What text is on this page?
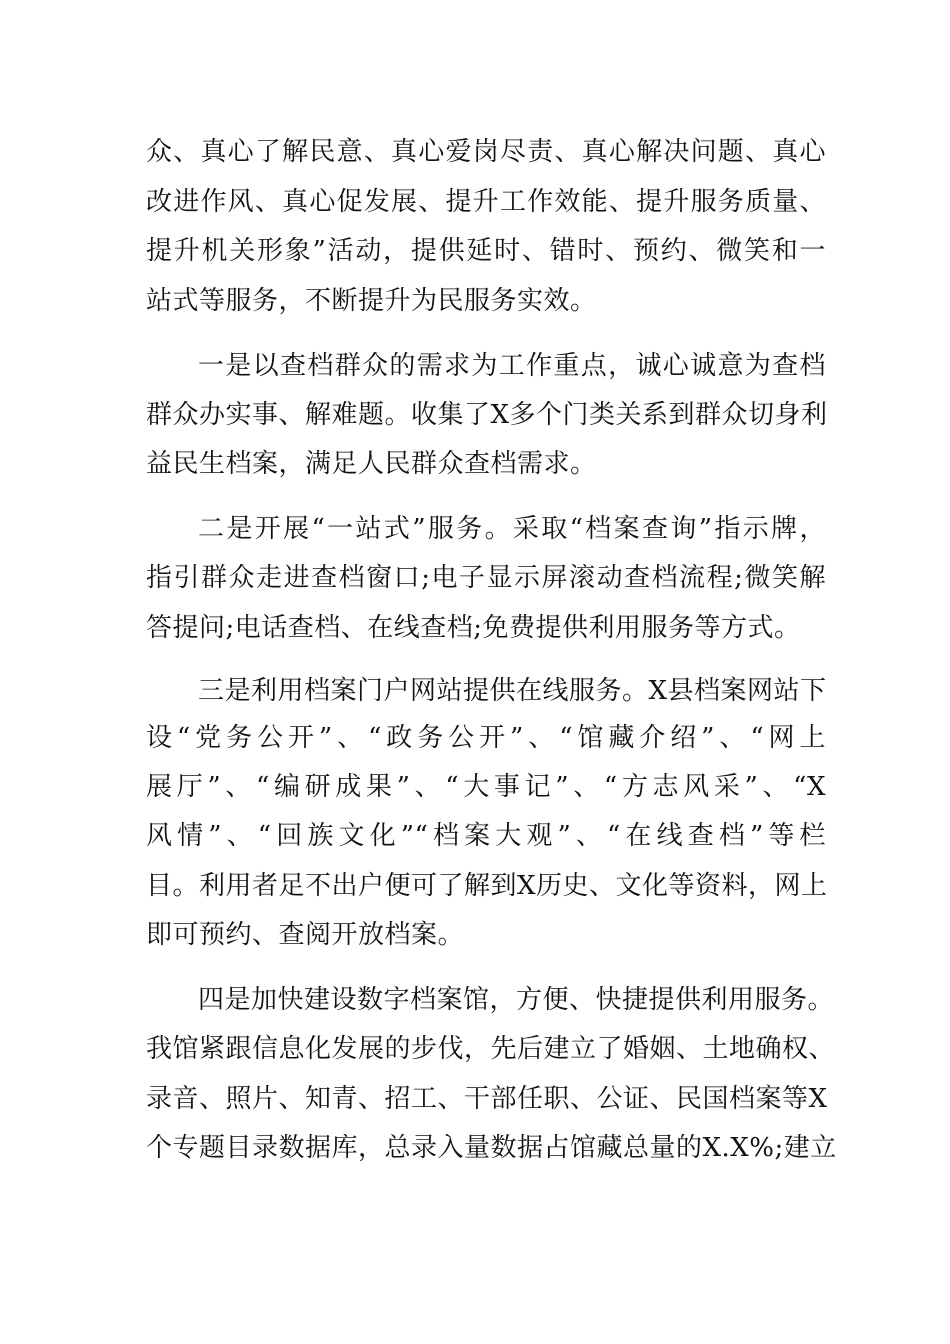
众、真心了解民意、真心爱岗尽责、真心解决问题、真心
改进作风、真心促发展、提升工作效能、提升服务质量、
提升机关形象”活动，提供延时、错时、预约、微笑和一
站式等服务，不断提升为民服务实效。
一是以查档群众的需求为工作重点，诚心诚意为查档
群众办实事、解难题。收集了X多个门类关系到群众切身利
益民生档案，满足人民群众查档需求。
二是开展“一站式”服务。采取“档案查询”指示牌，
指引群众走进查档窗口;电子显示屏滚动查档流程;微笑解
答提问;电话查档、在线查档;免费提供利用服务等方式。
三是利用档案门户网站提供在线服务。X县档案网站下
设“党务公开”、“政务公开”、“馆藏介绍”、“网上
展厅”、“编研成果”、“大事记”、“方志风采”、“X
风情”、“回族文化”“档案大观”、“在线查档”等栏
目。利用者足不出户便可了解到X历史、文化等资料，网上
即可预约、查阅开放档案。
四是加快建设数字档案馆，方便、快捷提供利用服务。
我馆紧跟信息化发展的步伐，先后建立了婚姻、土地确权、
录音、照片、知青、招工、干部任职、公证、民国档案等X
个专题目录数据库，总录入量数据占馆藏总量的X.X%;建立
